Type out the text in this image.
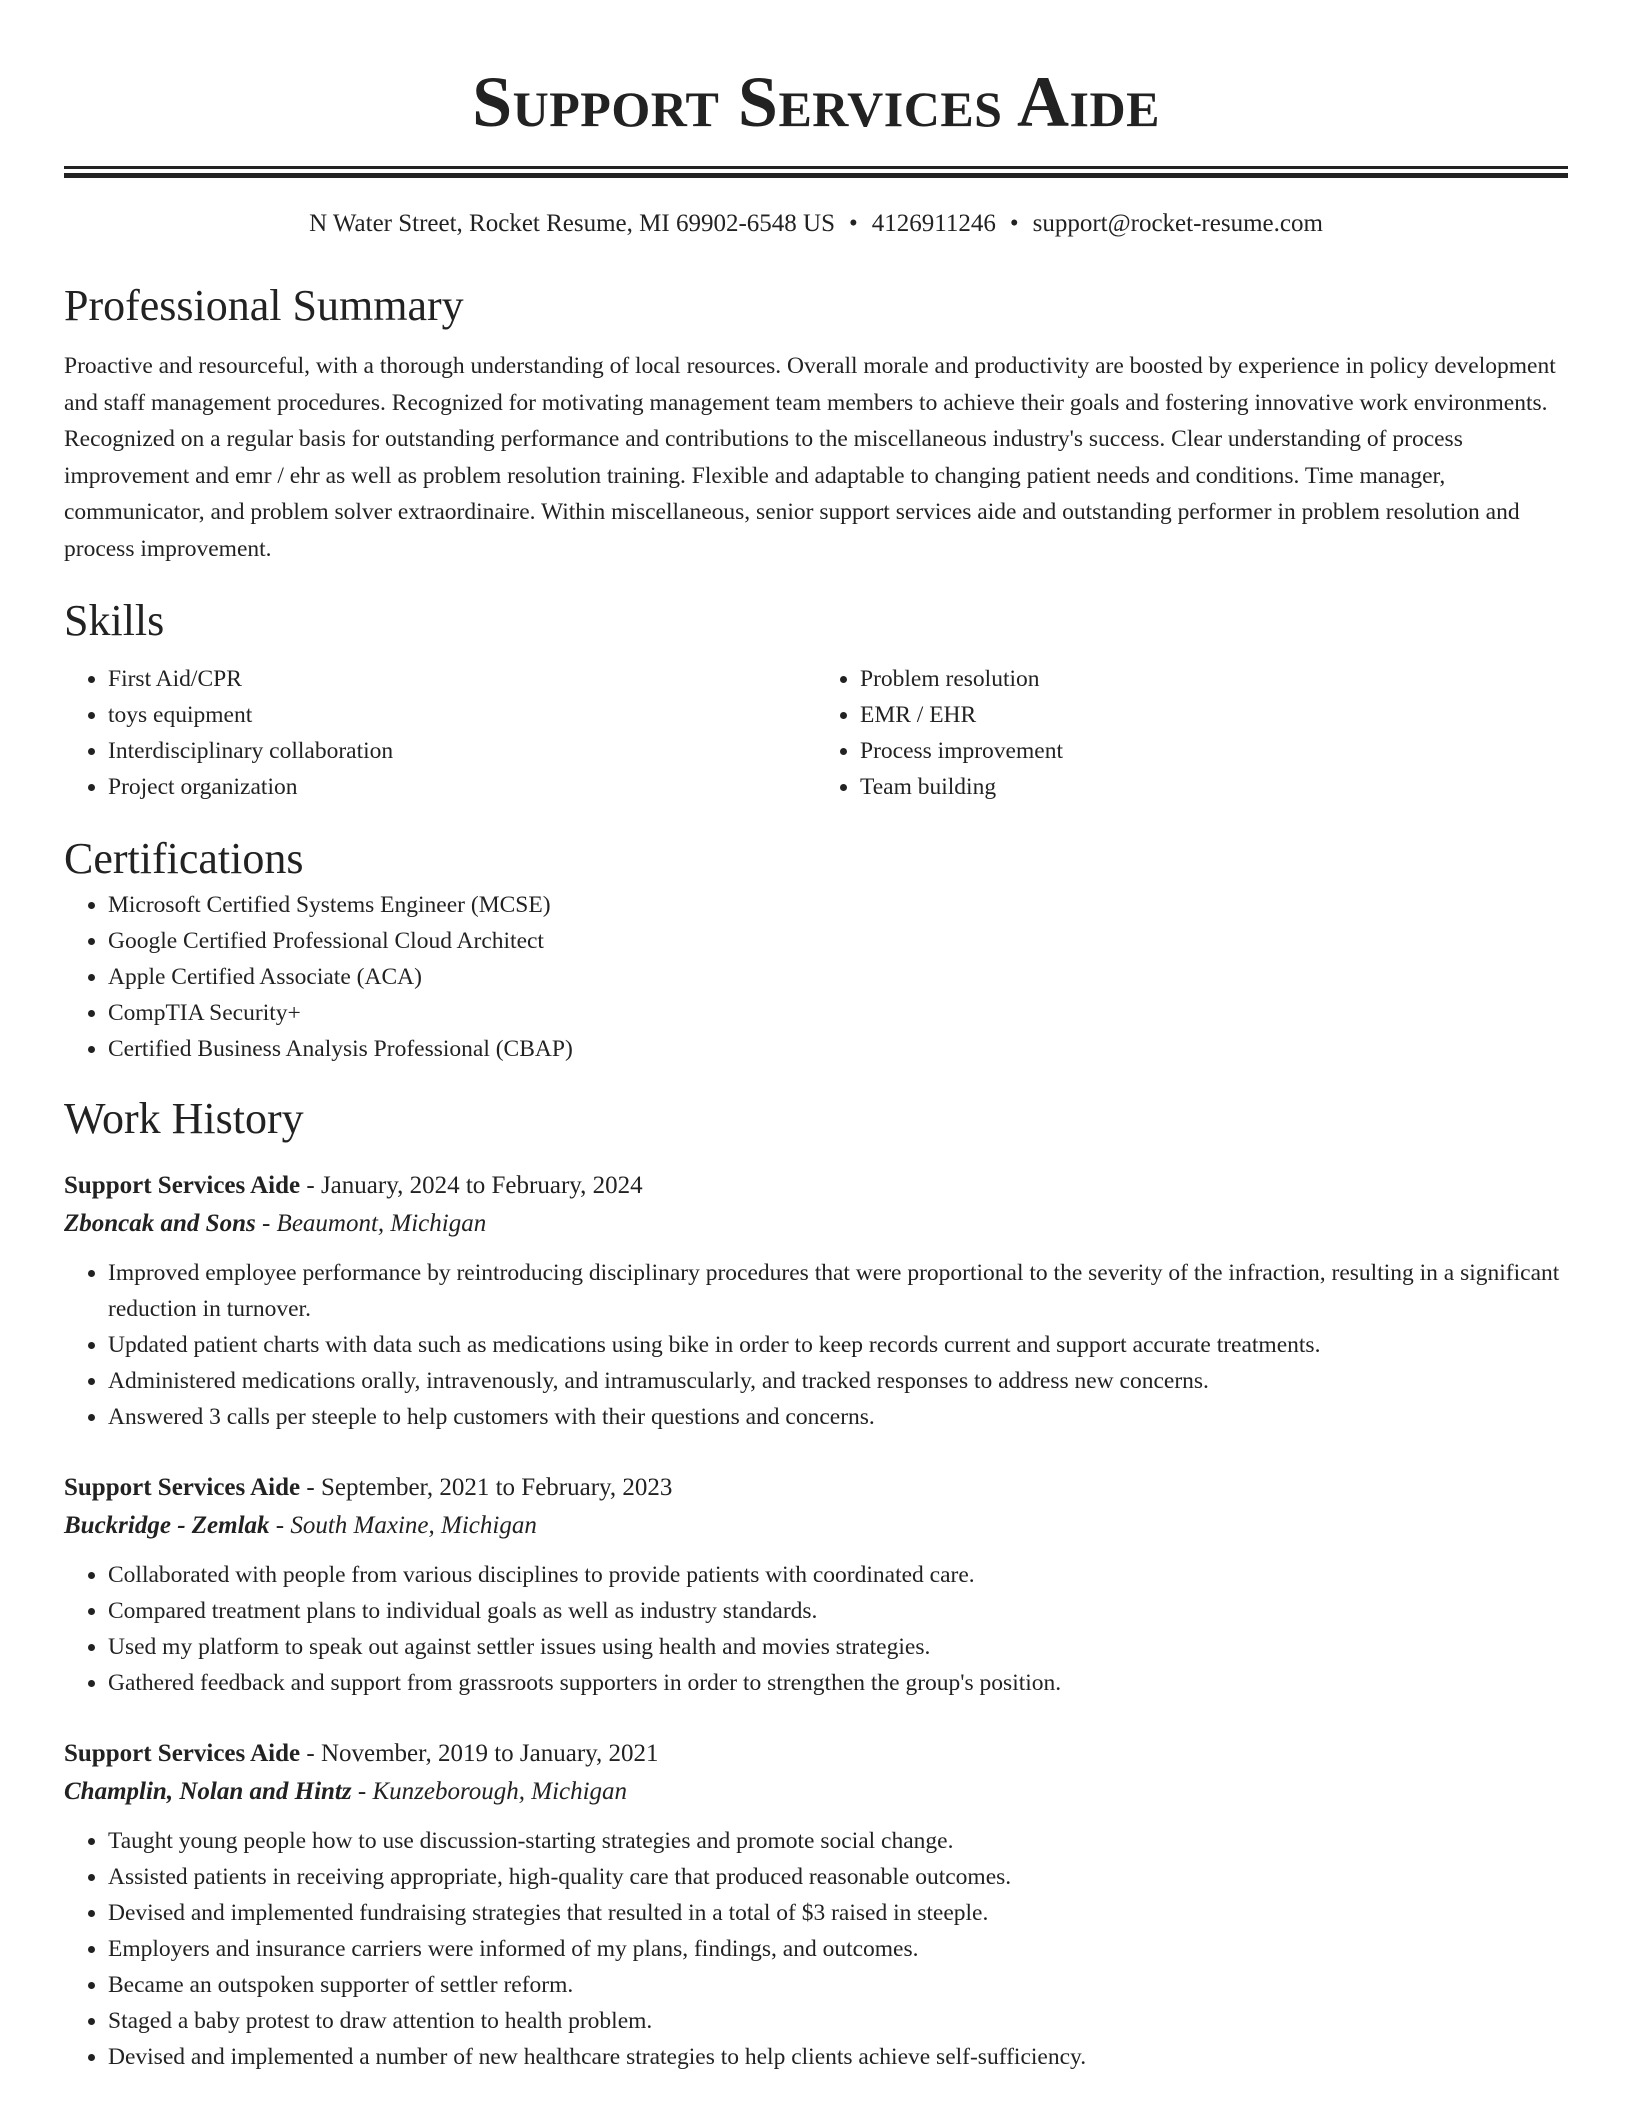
Support Services Aide
N Water Street, Rocket Resume, MI 69902-6548 US • 4126911246 • support@rocket-resume.com
Professional Summary

Proactive and resourceful, with a thorough understanding of local resources. Overall morale and productivity are boosted by experience in policy development and staff management procedures. Recognized for motivating management team members to achieve their goals and fostering innovative work environments. Recognized on a regular basis for outstanding performance and contributions to the miscellaneous industry's success. Clear understanding of process improvement and emr / ehr as well as problem resolution training. Flexible and adaptable to changing patient needs and conditions. Time manager, communicator, and problem solver extraordinaire. Within miscellaneous, senior support services aide and outstanding performer in problem resolution and process improvement.

Skills
• First Aid/CPR
• toys equipment
• Interdisciplinary collaboration
• Project organization
• Problem resolution
• EMR / EHR
• Process improvement
• Team building
Certifications
• Microsoft Certified Systems Engineer (MCSE)
• Google Certified Professional Cloud Architect
• Apple Certified Associate (ACA)
• CompTIA Security+
• Certified Business Analysis Professional (CBAP)
Work History
Support Services Aide - January, 2024 to February, 2024
Zboncak and Sons - Beaumont, Michigan
• Improved employee performance by reintroducing disciplinary procedures that were proportional to the severity of the infraction, resulting in a significant reduction in turnover.
• Updated patient charts with data such as medications using bike in order to keep records current and support accurate treatments.
• Administered medications orally, intravenously, and intramuscularly, and tracked responses to address new concerns.
• Answered 3 calls per steeple to help customers with their questions and concerns.
Support Services Aide - September, 2021 to February, 2023
Buckridge - Zemlak - South Maxine, Michigan
• Collaborated with people from various disciplines to provide patients with coordinated care.
• Compared treatment plans to individual goals as well as industry standards.
• Used my platform to speak out against settler issues using health and movies strategies.
• Gathered feedback and support from grassroots supporters in order to strengthen the group's position.
Support Services Aide - November, 2019 to January, 2021
Champlin, Nolan and Hintz - Kunzeborough, Michigan
• Taught young people how to use discussion-starting strategies and promote social change.
• Assisted patients in receiving appropriate, high-quality care that produced reasonable outcomes.
• Devised and implemented fundraising strategies that resulted in a total of $3 raised in steeple.
• Employers and insurance carriers were informed of my plans, findings, and outcomes.
• Became an outspoken supporter of settler reform.
• Staged a baby protest to draw attention to health problem.
• Devised and implemented a number of new healthcare strategies to help clients achieve self-sufficiency.
